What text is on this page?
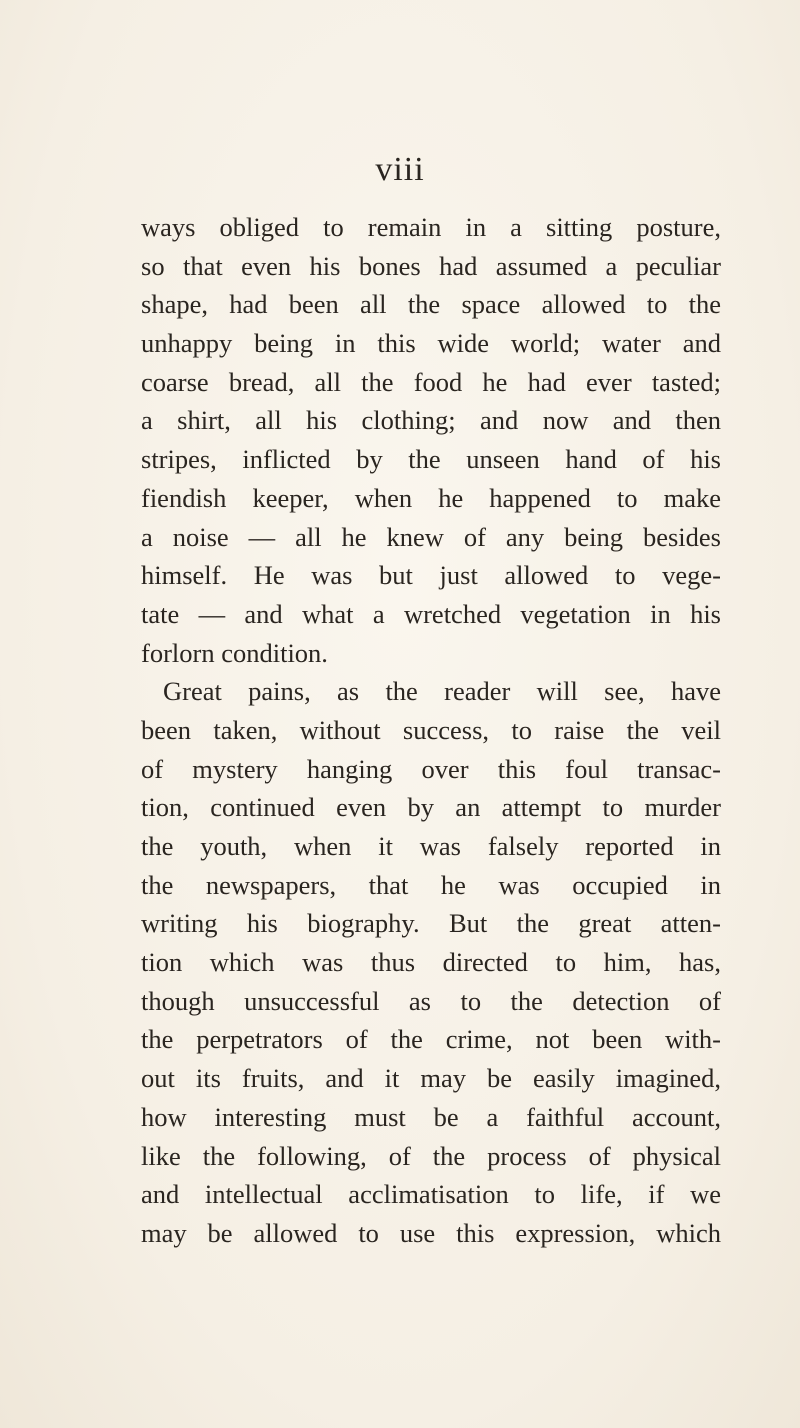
viii
ways obliged to remain in a sitting posture,
so that even his bones had assumed a peculiar
shape, had been all the space allowed to the
unhappy being in this wide world; water and
coarse bread, all the food he had ever tasted;
a shirt, all his clothing; and now and then
stripes, inflicted by the unseen hand of his
fiendish keeper, when he happened to make
a noise — all he knew of any being besides
himself. He was but just allowed to vege-
tate — and what a wretched vegetation in his
forlorn condition.
Great pains, as the reader will see, have
been taken, without success, to raise the veil
of mystery hanging over this foul transac-
tion, continued even by an attempt to murder
the youth, when it was falsely reported in
the newspapers, that he was occupied in
writing his biography. But the great atten-
tion which was thus directed to him, has,
though unsuccessful as to the detection of
the perpetrators of the crime, not been with-
out its fruits, and it may be easily imagined,
how interesting must be a faithful account,
like the following, of the process of physical
and intellectual acclimatisation to life, if we
may be allowed to use this expression, which
